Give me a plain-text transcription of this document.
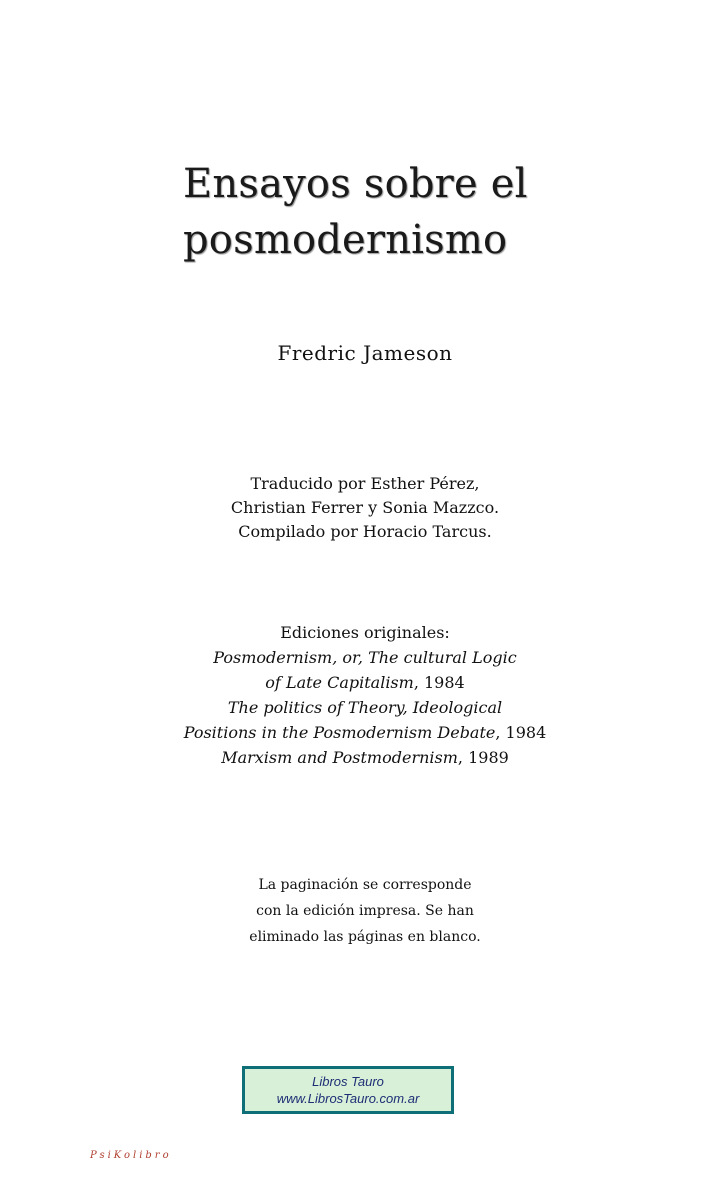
Ensayos sobre el
posmodernismo
Fredric Jameson
Traducido por Esther Pérez,
Christian Ferrer y Sonia Mazzco.
Compilado por Horacio Tarcus.
Ediciones originales:
Posmodernism, or, The cultural Logic
of Late Capitalism, 1984
The politics of Theory, Ideological
Positions in the Posmodernism Debate, 1984
Marxism and Postmodernism, 1989
La paginación se corresponde
con la edición impresa. Se han
eliminado las páginas en blanco.
Libros Tauro
www.LibrosTauro.com.ar
PsiKolibro
